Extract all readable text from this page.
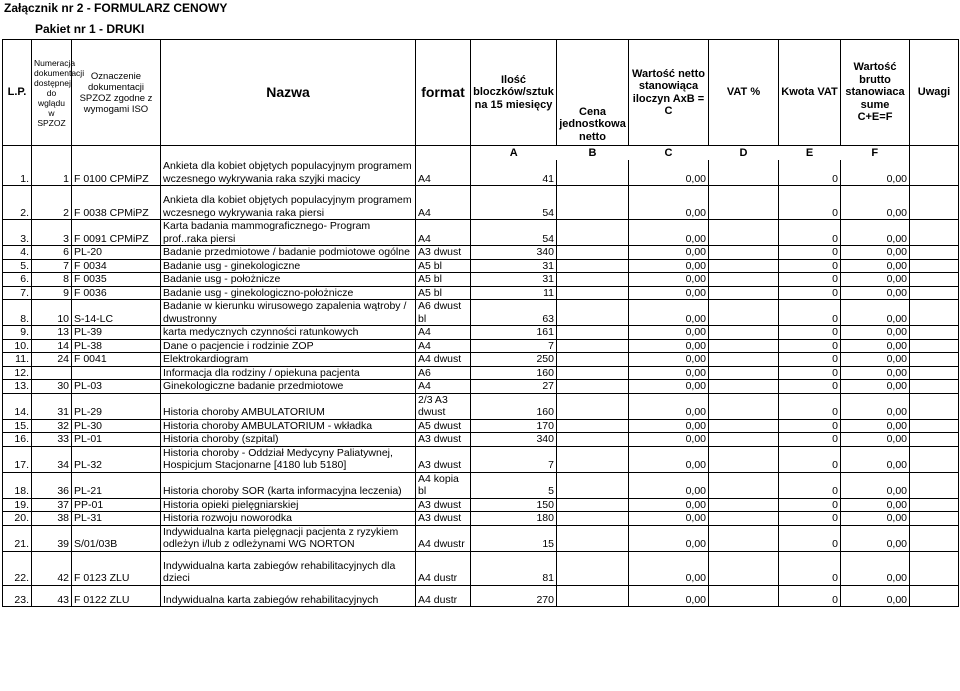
Załącznik nr 2 - FORMULARZ CENOWY
Pakiet nr 1 - DRUKI
L.P.	Numeracja dokumentacji dostępnej do wglądu w SPZOZ	Oznaczenie dokumentacji SPZOZ zgodne z wymogami ISO	Nazwa	format	Ilość bloczków/sztuk na 15 miesięcy	Cena jednostkowa netto	Wartość netto stanowiąca iloczyn AxB = C	VAT %	Kwota VAT	Wartość brutto stanowiaca sume C+E=F	Uwagi
					A	B	C	D	E	F	
1.	1	F 0100 CPMiPZ	Ankieta dla kobiet objętych populacyjnym programem wczesnego wykrywania raka szyjki macicy	A4	41		0,00		0	0,00	

2.	2	F 0038 CPMiPZ	Ankieta dla kobiet objętych populacyjnym programem wczesnego wykrywania raka piersi	A4	54		0,00		0	0,00	
3.	3	F 0091 CPMiPZ	Karta badania mammograficznego- Program prof..raka piersi	A4	54		0,00		0	0,00	
4.	6	PL-20	Badanie przedmiotowe / badanie podmiotowe ogólne	A3 dwust	340		0,00		0	0,00	
5.	7	F 0034	Badanie usg - ginekologiczne	A5 bl	31		0,00		0	0,00	
6.	8	F 0035	Badanie usg - położnicze	A5 bl	31		0,00		0	0,00	
7.	9	F 0036	Badanie usg - ginekologiczno-położnicze	A5 bl	11		0,00		0	0,00	
8.	10	S-14-LC	Badanie w kierunku wirusowego zapalenia wątroby / dwustronny	A6 dwust bl	63		0,00		0	0,00	
9.	13	PL-39	karta medycznych czynności ratunkowych	A4	161		0,00		0	0,00	
10.	14	PL-38	Dane o pacjencie i rodzinie ZOP	A4	7		0,00		0	0,00	
11.	24	F 0041	Elektrokardiogram	A4 dwust	250		0,00		0	0,00	
12.			Informacja dla rodziny / opiekuna pacjenta	A6	160		0,00		0	0,00	
13.	30	PL-03	Ginekologiczne badanie przedmiotowe	A4	27		0,00		0	0,00	
14.	31	PL-29	Historia choroby AMBULATORIUM	2/3 A3 dwust	160		0,00		0	0,00	
15.	32	PL-30	Historia choroby AMBULATORIUM - wkładka	A5 dwust	170		0,00		0	0,00	
16.	33	PL-01	Historia choroby (szpital)	A3 dwust	340		0,00		0	0,00	
17.	34	PL-32	Historia choroby - Oddział Medycyny Paliatywnej, Hospicjum Stacjonarne [4180 lub 5180]	A3 dwust	7		0,00		0	0,00	
18.	36	PL-21	Historia choroby SOR (karta informacyjna leczenia)	A4 kopia bl	5		0,00		0	0,00	
19.	37	PP-01	Historia opieki pielęgniarskiej	A3 dwust	150		0,00		0	0,00	
20.	38	PL-31	Historia rozwoju noworodka	A3 dwust	180		0,00		0	0,00	
21.	39	S/01/03B	Indywidualna karta pielęgnacji pacjenta z ryzykiem odleżyn i/lub z odleżynami WG NORTON	A4 dwustr	15		0,00		0	0,00	

22.	42	F 0123 ZLU	Indywidualna karta zabiegów rehabilitacyjnych dla dzieci	A4 dustr	81		0,00		0	0,00	

23.	43	F 0122 ZLU	Indywidualna karta zabiegów rehabilitacyjnych	A4 dustr	270		0,00		0	0,00	
